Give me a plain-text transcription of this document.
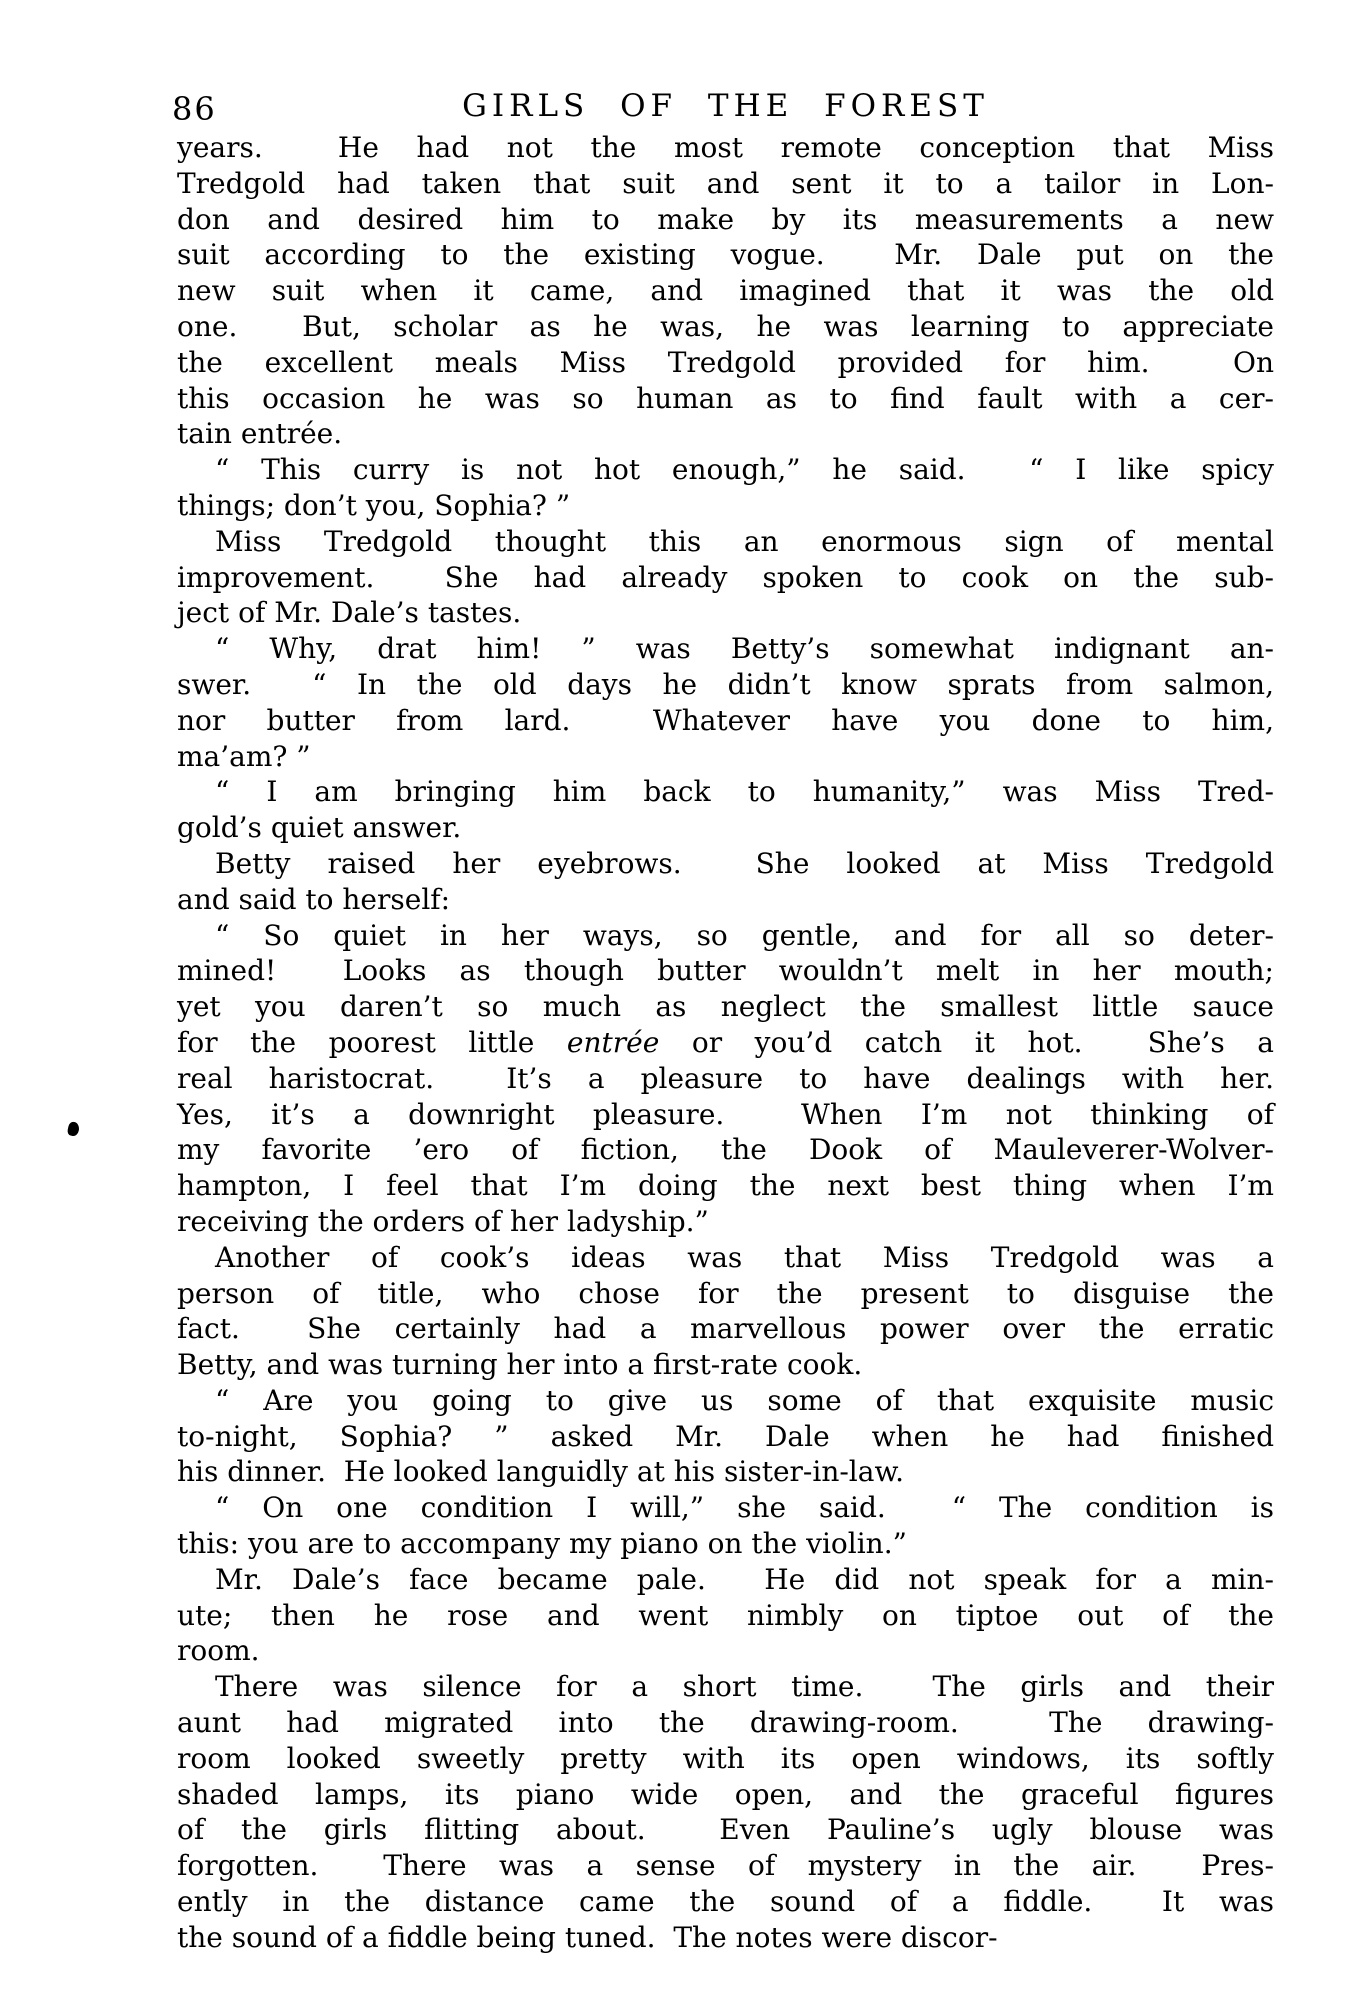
86	GIRLS OF THE FOREST
years.  He had not the most remote conception that Miss
Tredgold had taken that suit and sent it to a tailor in Lon-
don and desired him to make by its measurements a new
suit according to the existing vogue.  Mr. Dale put on the
new suit when it came, and imagined that it was the old
one.  But, scholar as he was, he was learning to appreciate
the excellent meals Miss Tredgold provided for him.  On
this occasion he was so human as to find fault with a cer-
tain entrée.
“ This curry is not hot enough,” he said.  “ I like spicy
things; don’t you, Sophia? ”
Miss Tredgold thought this an enormous sign of mental
improvement.  She had already spoken to cook on the sub-
ject of Mr. Dale’s tastes.
“ Why, drat him! ” was Betty’s somewhat indignant an-
swer.  “ In the old days he didn’t know sprats from salmon,
nor butter from lard.  Whatever have you done to him,
ma’am? ”
“ I am bringing him back to humanity,” was Miss Tred-
gold’s quiet answer.
Betty raised her eyebrows.  She looked at Miss Tredgold
and said to herself:
“ So quiet in her ways, so gentle, and for all so deter-
mined!  Looks as though butter wouldn’t melt in her mouth;
yet you daren’t so much as neglect the smallest little sauce
for the poorest little entrée or you’d catch it hot.  She’s a
real haristocrat.  It’s a pleasure to have dealings with her.
Yes, it’s a downright pleasure.  When I’m not thinking of
my favorite ’ero of fiction, the Dook of Mauleverer-Wolver-
hampton, I feel that I’m doing the next best thing when I’m
receiving the orders of her ladyship.”
Another of cook’s ideas was that Miss Tredgold was a
person of title, who chose for the present to disguise the
fact.  She certainly had a marvellous power over the erratic
Betty, and was turning her into a first-rate cook.
“ Are you going to give us some of that exquisite music
to-night, Sophia? ” asked Mr. Dale when he had finished
his dinner.  He looked languidly at his sister-in-law.
“ On one condition I will,” she said.  “ The condition is
this: you are to accompany my piano on the violin.”
Mr. Dale’s face became pale.  He did not speak for a min-
ute; then he rose and went nimbly on tiptoe out of the
room.
There was silence for a short time.  The girls and their
aunt had migrated into the drawing-room.  The drawing-
room looked sweetly pretty with its open windows, its softly
shaded lamps, its piano wide open, and the graceful figures
of the girls flitting about.  Even Pauline’s ugly blouse was
forgotten.  There was a sense of mystery in the air.  Pres-
ently in the distance came the sound of a fiddle.  It was
the sound of a fiddle being tuned.  The notes were discor-
